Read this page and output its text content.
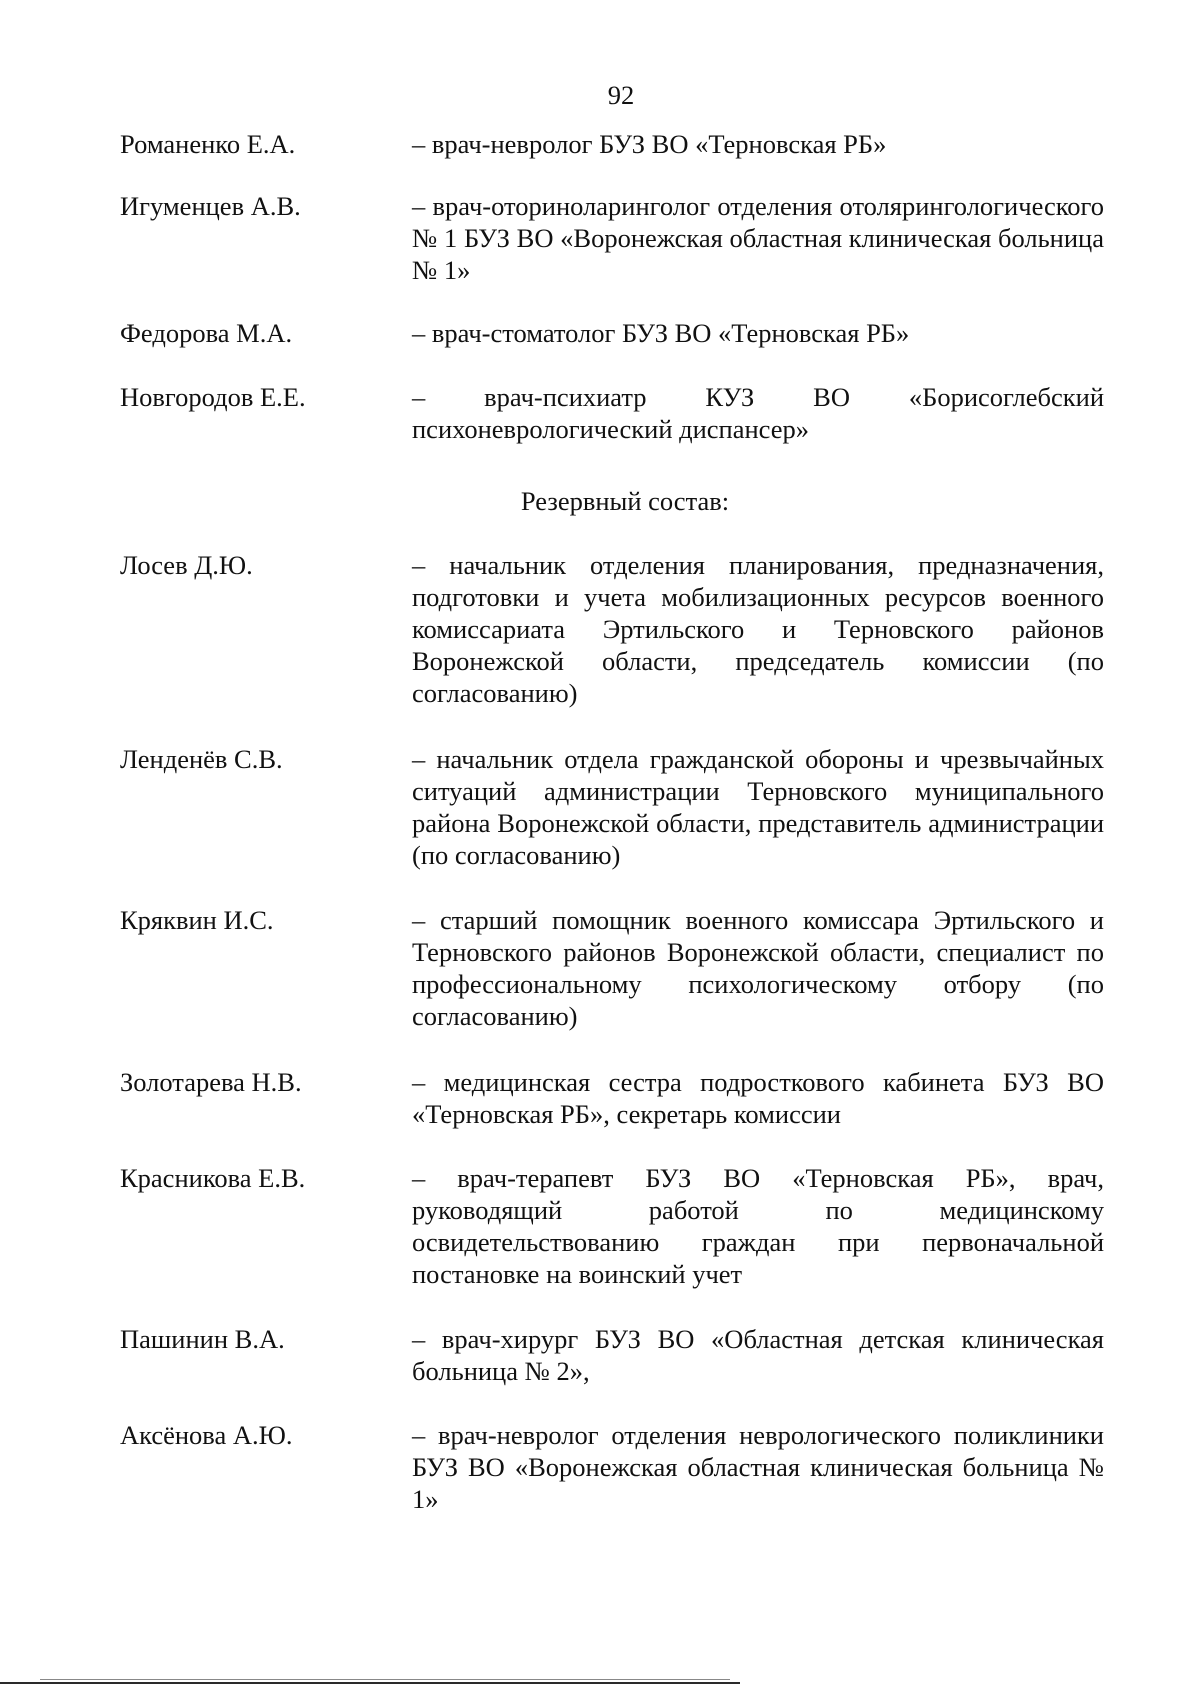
92
Романенко Е.А.	– врач-невролог БУЗ ВО «Терновская РБ»
Игуменцев А.В.	– врач-оториноларинголог отделения отолярингологического № 1 БУЗ ВО «Воронежская областная клиническая больница № 1»
Федорова М.А.	– врач-стоматолог БУЗ ВО «Терновская РБ»
Новгородов Е.Е.	– врач-психиатр КУЗ ВО «Борисоглебский психоневрологический диспансер»
Резервный состав:
Лосев Д.Ю.	– начальник отделения планирования, предназначения, подготовки и учета мобилизационных ресурсов военного комиссариата Эртильского и Терновского районов Воронежской области, председатель комиссии (по согласованию)
Ленденёв С.В.	– начальник отдела гражданской обороны и чрезвычайных ситуаций администрации Терновского муниципального района Воронежской области, представитель администрации (по согласованию)
Кряквин И.С.	– старший помощник военного комиссара Эртильского и Терновского районов Воронежской области, специалист по профессиональному психологическому отбору (по согласованию)
Золотарева Н.В.	– медицинская сестра подросткового кабинета БУЗ ВО «Терновская РБ», секретарь комиссии
Красникова Е.В.	– врач-терапевт БУЗ ВО «Терновская РБ», врач, руководящий работой по медицинскому освидетельствованию граждан при первоначальной постановке на воинский учет
Пашинин В.А.	– врач-хирург БУЗ ВО «Областная детская клиническая больница № 2»,
Аксёнова А.Ю.	– врач-невролог отделения неврологического поликлиники БУЗ ВО «Воронежская областная клиническая больница № 1»
